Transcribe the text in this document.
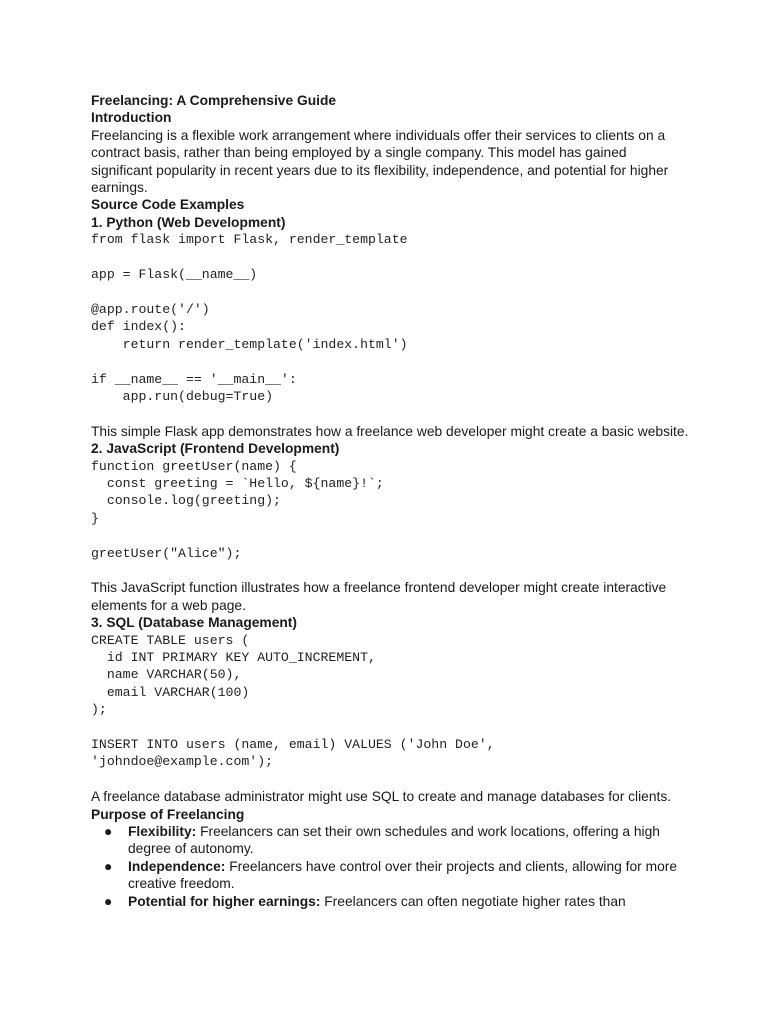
Freelancing: A Comprehensive Guide

Introduction

Freelancing is a flexible work arrangement where individuals offer their services to clients on a contract basis, rather than being employed by a single company. This model has gained significant popularity in recent years due to its flexibility, independence, and potential for higher earnings.

Source Code Examples

1. Python (Web Development)

from flask import Flask, render_template

app = Flask(__name__)

@app.route('/')
def index():
return render_template('index.html')

if __name__ == '__main__':
app.run(debug=True)

This simple Flask app demonstrates how a freelance web developer might create a basic website.

2. JavaScript (Frontend Development)

function greetUser(name) {
const greeting = `Hello, ${name}!`;
console.log(greeting);
}

greetUser("Alice");

This JavaScript function illustrates how a freelance frontend developer might create interactive elements for a web page.

3. SQL (Database Management)

CREATE TABLE users (
id INT PRIMARY KEY AUTO_INCREMENT,
name VARCHAR(50),
email VARCHAR(100)
);

INSERT INTO users (name, email) VALUES ('John Doe',
'johndoe@example.com');

A freelance database administrator might use SQL to create and manage databases for clients.

Purpose of Freelancing

● Flexibility: Freelancers can set their own schedules and work locations, offering a high degree of autonomy.
● Independence: Freelancers have control over their projects and clients, allowing for more creative freedom.
● Potential for higher earnings: Freelancers can often negotiate higher rates than
